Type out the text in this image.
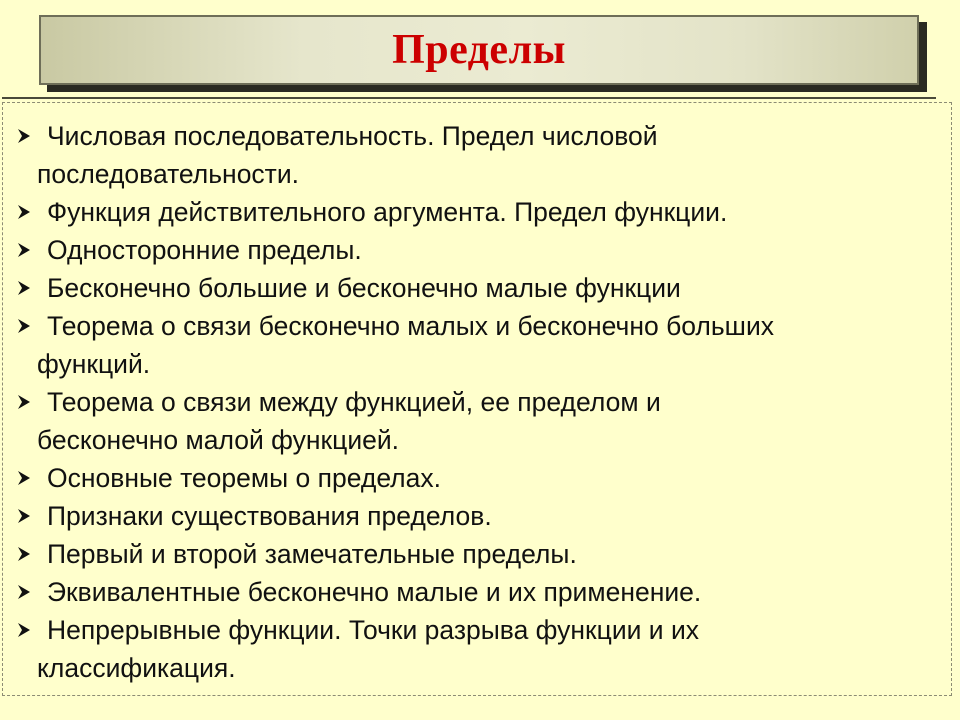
Пределы
Числовая последовательность. Предел числовой
последовательности.
Функция действительного аргумента. Предел функции.
Односторонние пределы.
Бесконечно большие и бесконечно малые функции
Теорема о связи бесконечно малых и бесконечно больших
функций.
Теорема о связи между функцией, ее пределом и
бесконечно малой функцией.
Основные теоремы о пределах.
Признаки существования пределов.
Первый и второй замечательные пределы.
Эквивалентные бесконечно малые и их применение.
Непрерывные функции. Точки разрыва функции и их
классификация.
